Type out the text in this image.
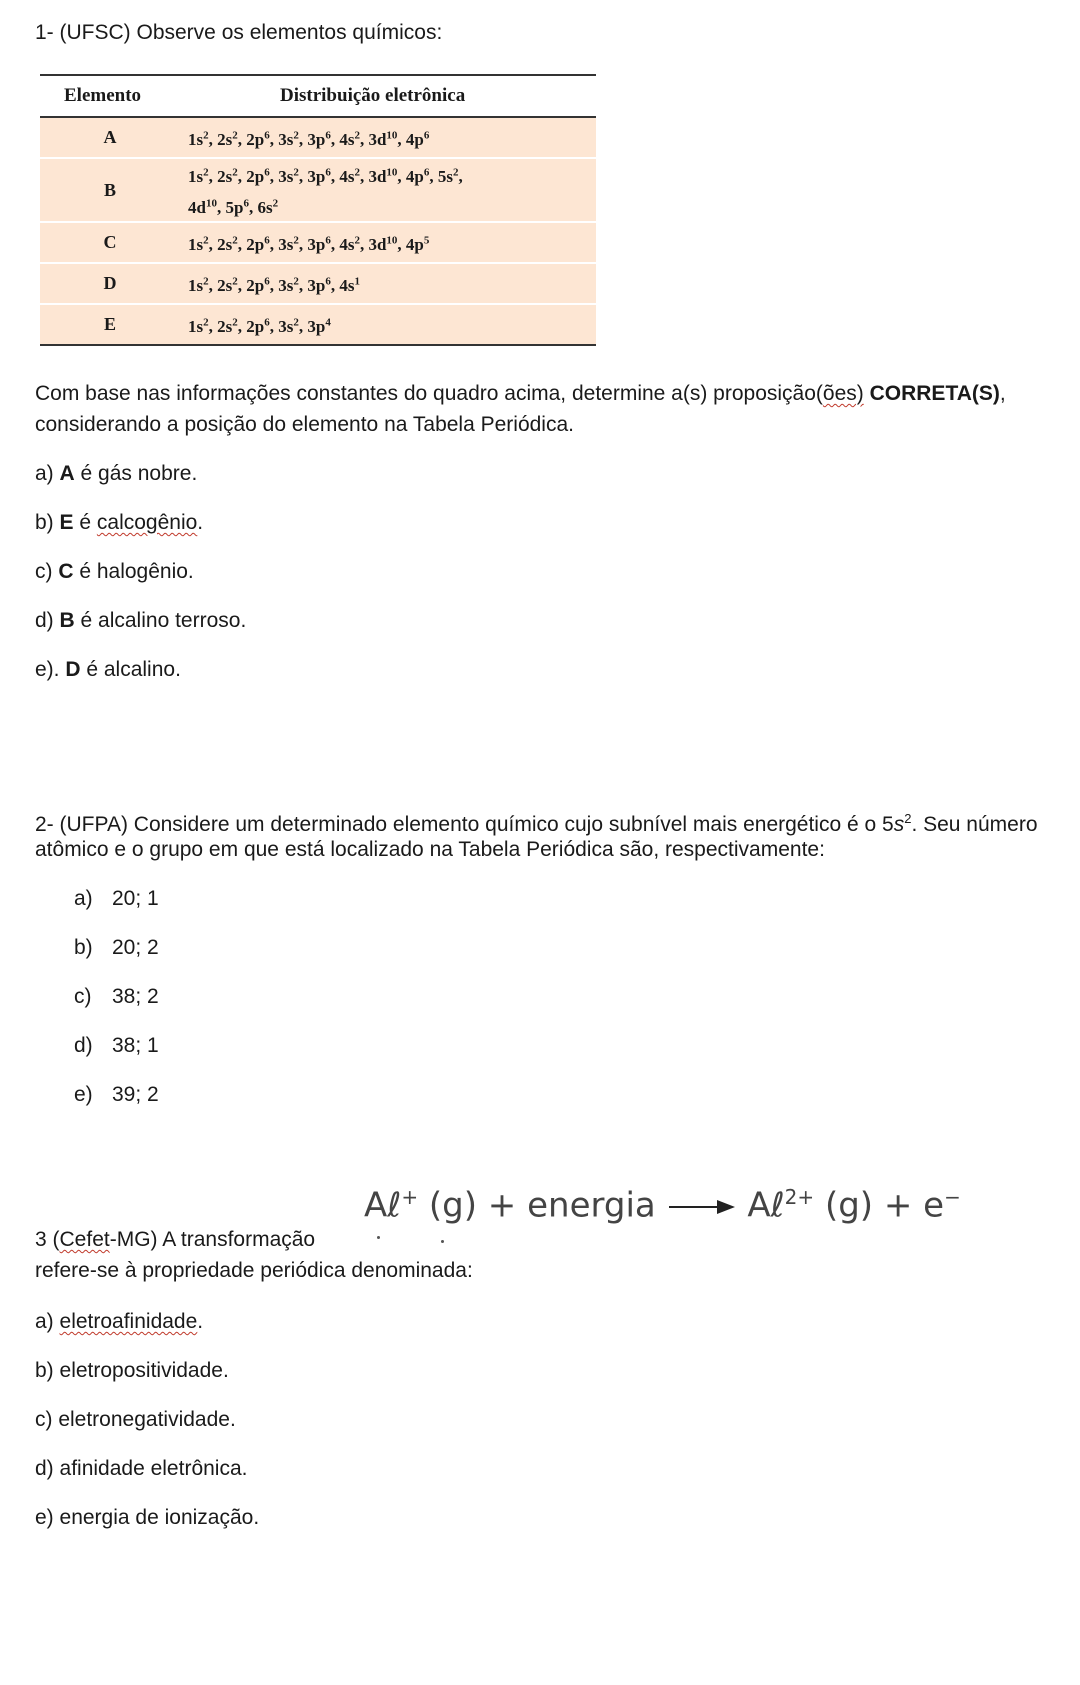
1- (UFSC) Observe os elementos químicos:
Elemento	Distribuição eletrônica
A	$1s^2$, $2s^2$, $2p^6$, $3s^2$, $3p^6$, $4s^2$, $3d^{10}$, $4p^6$
B	$1s^2$, $2s^2$, $2p^6$, $3s^2$, $3p^6$, $4s^2$, $3d^{10}$, $4p^6$, $5s^2$,
$4d^{10}$, $5p^6$, $6s^2$
C	$1s^2$, $2s^2$, $2p^6$, $3s^2$, $3p^6$, $4s^2$, $3d^{10}$, $4p^5$
D	$1s^2$, $2s^2$, $2p^6$, $3s^2$, $3p^6$, $4s^1$
E	$1s^2$, $2s^2$, $2p^6$, $3s^2$, $3p^4$
Com base nas informações constantes do quadro acima, determine a(s) proposição(ões) CORRETA(S),
considerando a posição do elemento na Tabela Periódica.
a) A é gás nobre.
b) E é calcogênio.
c) C é halogênio.
d) B é alcalino terroso.
e). D é alcalino.
2- (UFPA) Considere um determinado elemento químico cujo subnível mais energético é o $5s^2$. Seu número
atômico e o grupo em que está localizado na Tabela Periódica são, respectivamente:
a) 20; 1
b) 20; 2
c) 38; 2
d) 38; 1
e) 39; 2
Aℓ+ (g) + energia → Aℓ$^{2+}$ (g) + e−
3 (Cefet-MG) A transformação
refere-se à propriedade periódica denominada:
a) eletroafinidade.
b) eletropositividade.
c) eletronegatividade.
d) afinidade eletrônica.
e) energia de ionização.
